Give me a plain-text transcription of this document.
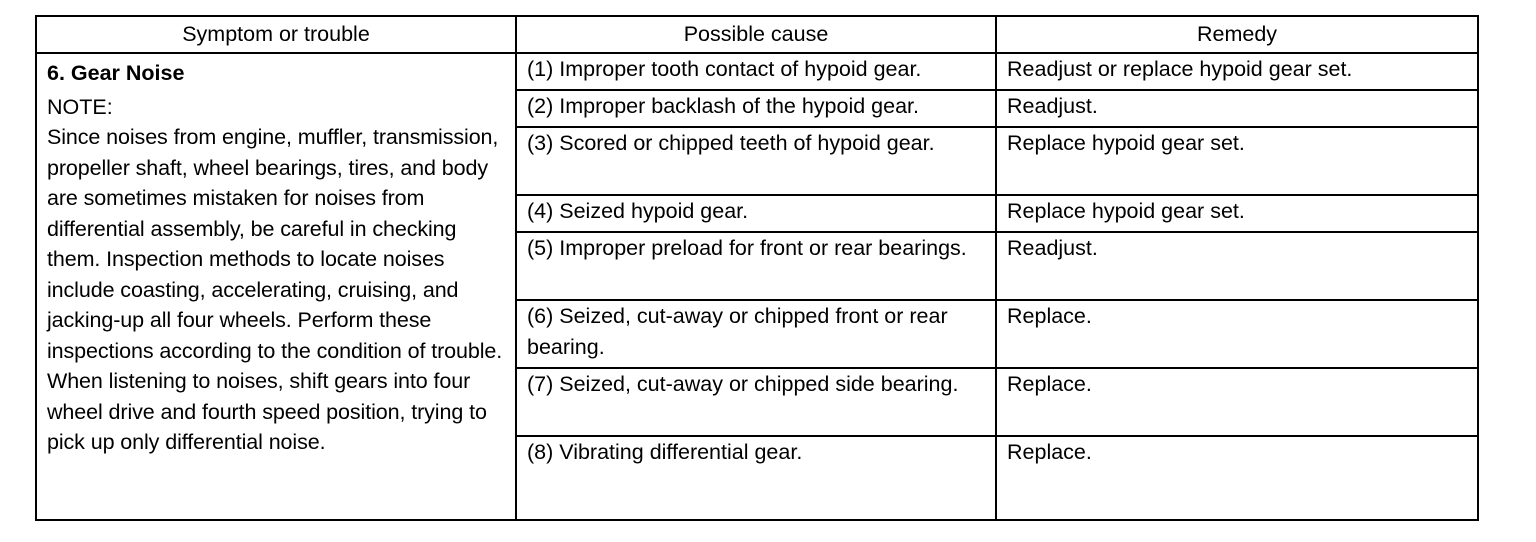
Symptom or trouble	Possible cause	Remedy

6. Gear Noise
NOTE:
Since noises from engine, muffler, transmission, propeller shaft, wheel bearings, tires, and body are sometimes mistaken for noises from differential assembly, be careful in checking them. Inspection methods to locate noises include coasting, accelerating, cruising, and jacking-up all four wheels. Perform these inspections according to the condition of trouble. When listening to noises, shift gears into four wheel drive and fourth speed position, trying to pick up only differential noise.	(1) Improper tooth contact of hypoid gear.	Readjust or replace hypoid gear set.
	(2) Improper backlash of the hypoid gear.	Readjust.
	(3) Scored or chipped teeth of hypoid gear.	Replace hypoid gear set.
	(4) Seized hypoid gear.	Replace hypoid gear set.
	(5) Improper preload for front or rear bearings.	Readjust.
	(6) Seized, cut-away or chipped front or rear bearing.	Replace.
	(7) Seized, cut-away or chipped side bearing.	Replace.
	(8) Vibrating differential gear.	Replace.
